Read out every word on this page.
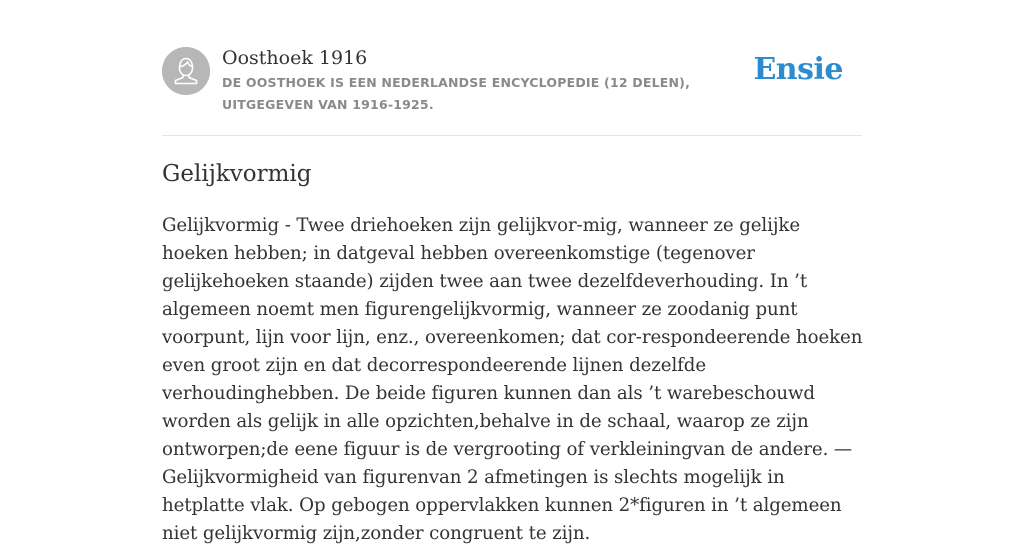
Oosthoek 1916
DE OOSTHOEK IS EEN NEDERLANDSE ENCYCLOPEDIE (12 DELEN), UITGEGEVEN VAN 1916-1925.
Ensie
Gelijkvormig

Gelijkvormig - Twee driehoeken zijn gelijkvor-mig, wanneer ze gelijke hoeken hebben; in datgeval hebben overeenkomstige (tegenover gelijkehoeken staande) zijden twee aan twee dezelfdeverhouding. In ’t algemeen noemt men figurengelijkvormig, wanneer ze zoodanig punt voorpunt, lijn voor lijn, enz., overeenkomen; dat cor-respondeerende hoeken even groot zijn en dat decorrespondeerende lijnen dezelfde verhoudinghebben. De beide figuren kunnen dan als ’t warebeschouwd worden als gelijk in alle opzichten,behalve in de schaal, waarop ze zijn ontworpen;de eene figuur is de vergrooting of verkleiningvan de andere. — Gelijkvormigheid van figurenvan 2 afmetingen is slechts mogelijk in hetplatte vlak. Op gebogen oppervlakken kunnen 2*figuren in ’t algemeen niet gelijkvormig zijn,zonder congruent te zijn.
